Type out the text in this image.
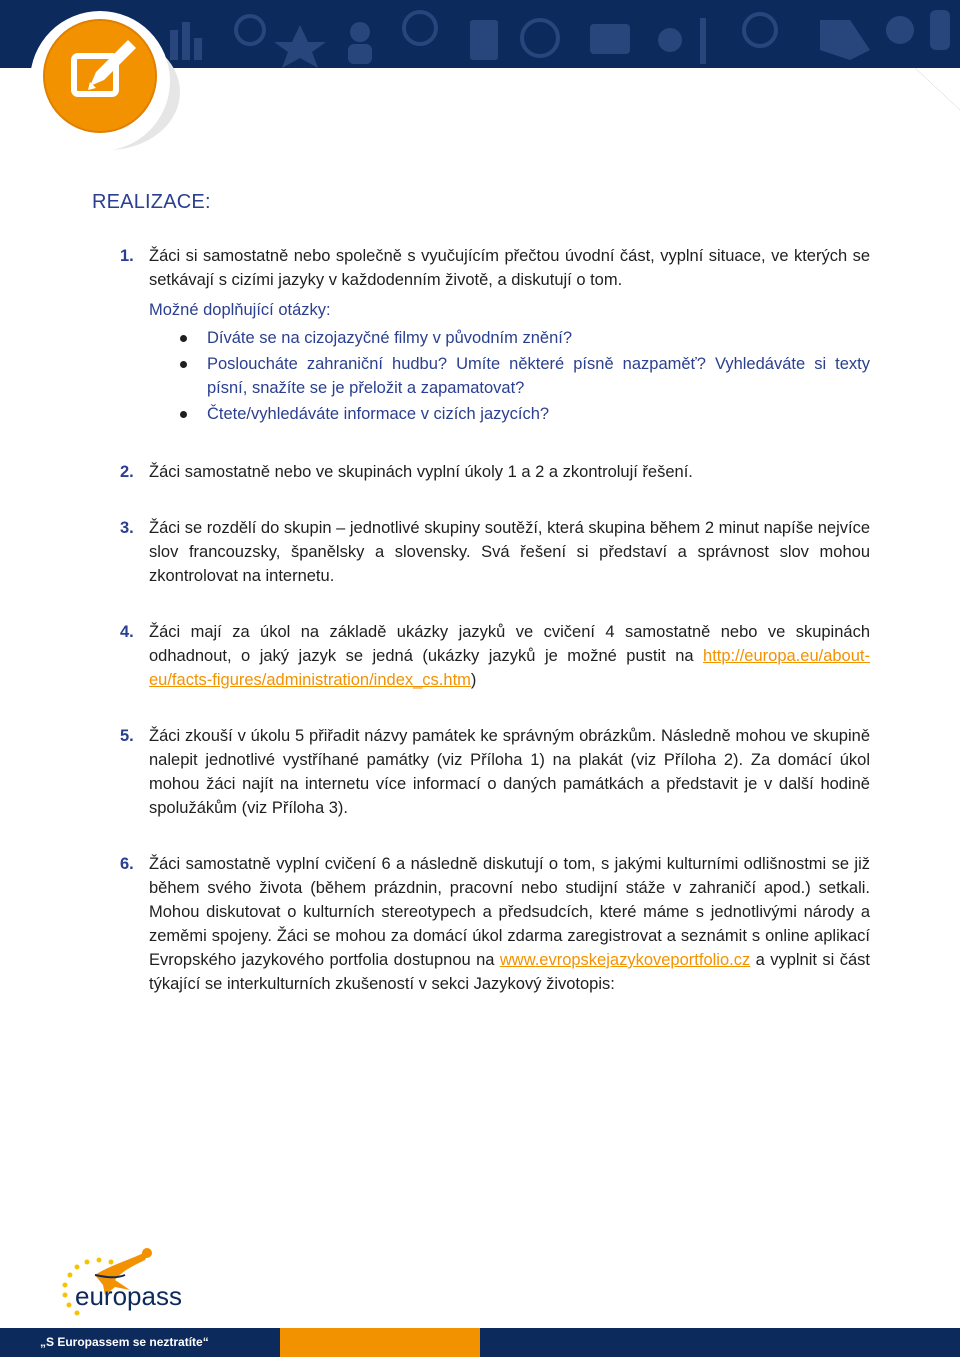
REALIZACE:
1. Žáci si samostatně nebo společně s vyučujícím přečtou úvodní část, vyplní situace, ve kterých se setkávají s cizími jazyky v každodenním životě, a diskutují o tom.
Možné doplňující otázky:
Díváte se na cizojazyčné filmy v původním znění?
Posloucháte zahraniční hudbu? Umíte některé písně nazpaměť? Vyhledáváte si texty písní, snažíte se je přeložit a zapamatovat?
Čtete/vyhledáváte informace v cizích jazycích?
2. Žáci samostatně nebo ve skupinách vyplní úkoly 1 a 2 a zkontrolují řešení.
3. Žáci se rozdělí do skupin – jednotlivé skupiny soutěží, která skupina během 2 minut napíše nejvíce slov francouzsky, španělsky a slovensky. Svá řešení si představí a správnost slov mohou zkontrolovat na internetu.
4. Žáci mají za úkol na základě ukázky jazyků ve cvičení 4 samostatně nebo ve skupinách odhadnout, o jaký jazyk se jedná (ukázky jazyků je možné pustit na http://europa.eu/about-eu/facts-figures/administration/index_cs.htm)
5. Žáci zkouší v úkolu 5 přiřadit názvy památek ke správným obrázkům. Následně mohou ve skupině nalepit jednotlivé vystříhané památky (viz Příloha 1) na plakát (viz Příloha 2). Za domácí úkol mohou žáci najít na internetu více informací o daných památkách a představit je v další hodině spolužákům (viz Příloha 3).
6. Žáci samostatně vyplní cvičení 6 a následně diskutují o tom, s jakými kulturními odlišnostmi se již během svého života (během prázdnin, pracovní nebo studijní stáže v zahraničí apod.) setkali. Mohou diskutovat o kulturních stereotypech a předsudcích, které máme s jednotlivými národy a zeměmi spojeny. Žáci se mohou za domácí úkol zdarma zaregistrovat a seznámit s online aplikací Evropského jazykového portfolia dostupnou na www.evropskejazykoveportfolio.cz a vyplnit si část týkající se interkulturních zkušeností v sekci Jazykový životopis:
europass
„S Europassem se neztratíte“
